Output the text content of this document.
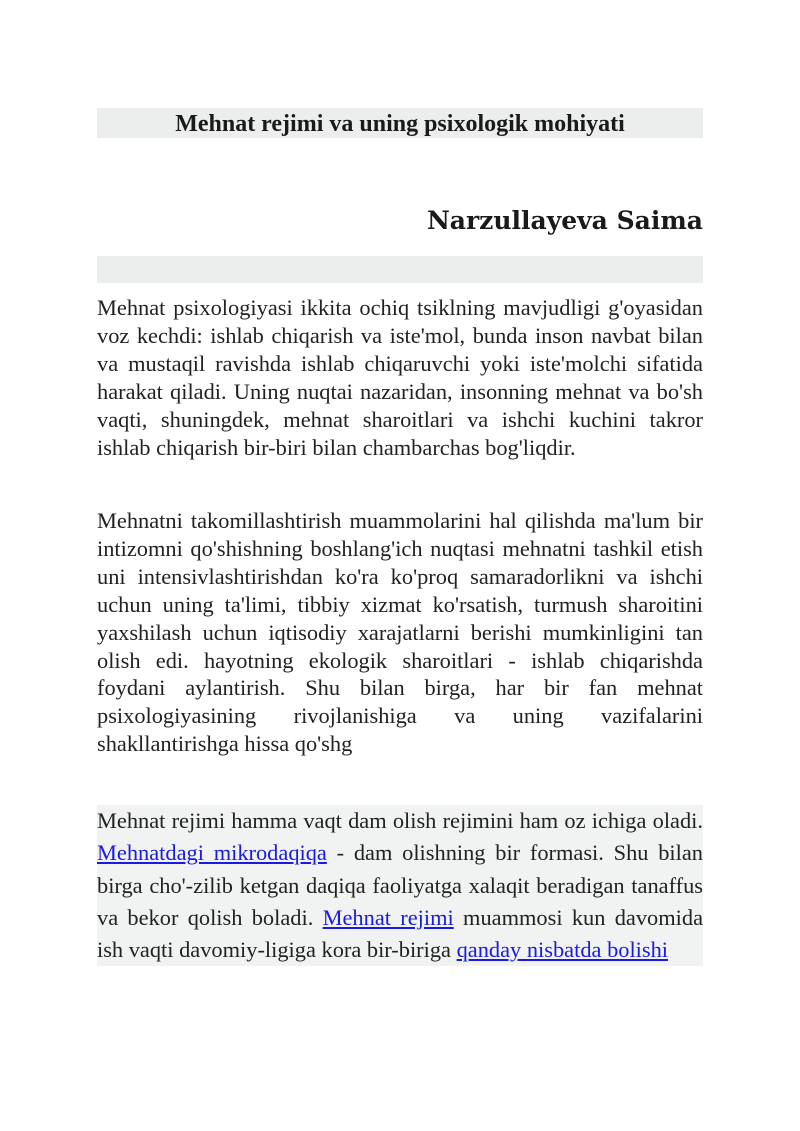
Mehnat rejimi va uning psixologik mohiyati
Narzullayeva Saima

Mehnat psixologiyasi ikkita ochiq tsiklning mavjudligi g'oyasidan voz kechdi: ishlab chiqarish va iste'mol, bunda inson navbat bilan va mustaqil ravishda ishlab chiqaruvchi yoki iste'molchi sifatida harakat qiladi. Uning nuqtai nazaridan, insonning mehnat va bo'sh vaqti, shuningdek, mehnat sharoitlari va ishchi kuchini takror ishlab chiqarish bir-biri bilan chambarchas bog'liqdir.

Mehnatni takomillashtirish muammolarini hal qilishda ma'lum bir intizomni qo'shishning boshlang'ich nuqtasi mehnatni tashkil etish uni intensivlashtirishdan ko'ra ko'proq samaradorlikni va ishchi uchun uning ta'limi, tibbiy xizmat ko'rsatish, turmush sharoitini yaxshilash uchun iqtisodiy xarajatlarni berishi mumkinligini tan olish edi. hayotning ekologik sharoitlari - ishlab chiqarishda foydani aylantirish. Shu bilan birga, har bir fan mehnat psixologiyasining rivojlanishiga va uning vazifalarini shakllantirishga hissa qo'shg

Mehnat rejimi hamma vaqt dam olish rejimini ham oz ichiga oladi. Mehnatdagi mikrodaqiqa - dam olishning bir formasi. Shu bilan birga cho'-zilib ketgan daqiqa faoliyatga xalaqit beradigan tanaffus va bekor qolish boladi. Mehnat rejimi muammosi kun davomida ish vaqti davomiy-ligiga kora bir-biriga qanday nisbatda bolishi
